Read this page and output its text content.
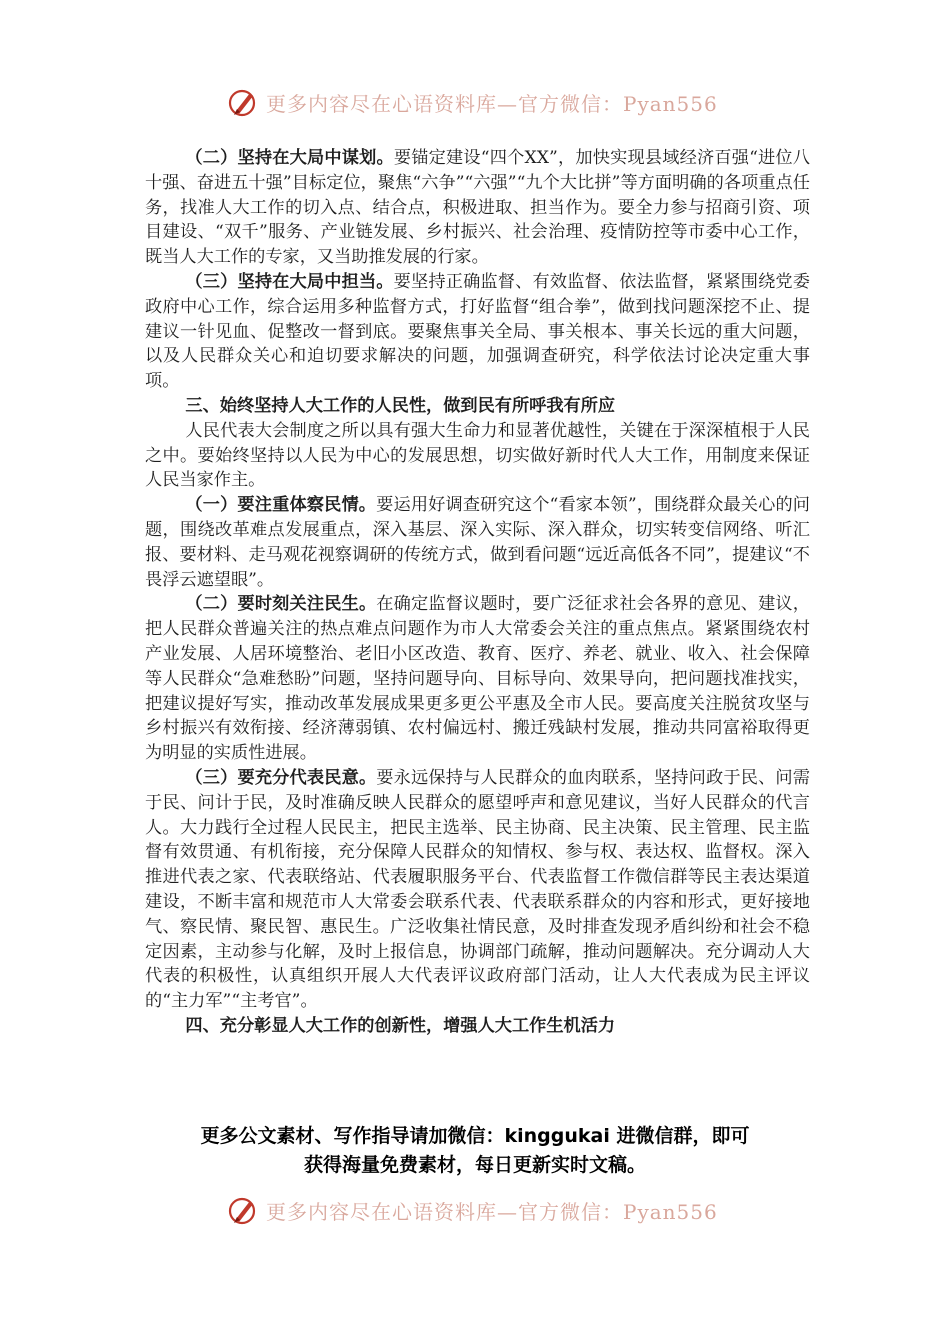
更多内容尽在心语资料库—官方微信：Pyan556

（二）坚持在大局中谋划。要锚定建设“四个XX”，加快实现县域经济百强“进位八十强、奋进五十强”目标定位，聚焦“六争”“六强”“九个大比拼”等方面明确的各项重点任务，找准人大工作的切入点、结合点，积极进取、担当作为。要全力参与招商引资、项目建设、“双千”服务、产业链发展、乡村振兴、社会治理、疫情防控等市委中心工作，既当人大工作的专家，又当助推发展的行家。

（三）坚持在大局中担当。要坚持正确监督、有效监督、依法监督，紧紧围绕党委政府中心工作，综合运用多种监督方式，打好监督“组合拳”，做到找问题深挖不止、提建议一针见血、促整改一督到底。要聚焦事关全局、事关根本、事关长远的重大问题，以及人民群众关心和迫切要求解决的问题，加强调查研究，科学依法讨论决定重大事项。

三、始终坚持人大工作的人民性，做到民有所呼我有所应

人民代表大会制度之所以具有强大生命力和显著优越性，关键在于深深植根于人民之中。要始终坚持以人民为中心的发展思想，切实做好新时代人大工作，用制度来保证人民当家作主。

（一）要注重体察民情。要运用好调查研究这个“看家本领”，围绕群众最关心的问题，围绕改革难点发展重点，深入基层、深入实际、深入群众，切实转变信网络、听汇报、要材料、走马观花视察调研的传统方式，做到看问题“远近高低各不同”，提建议“不畏浮云遮望眼”。

（二）要时刻关注民生。在确定监督议题时，要广泛征求社会各界的意见、建议，把人民群众普遍关注的热点难点问题作为市人大常委会关注的重点焦点。紧紧围绕农村产业发展、人居环境整治、老旧小区改造、教育、医疗、养老、就业、收入、社会保障等人民群众“急难愁盼”问题，坚持问题导向、目标导向、效果导向，把问题找准找实，把建议提好写实，推动改革发展成果更多更公平惠及全市人民。要高度关注脱贫攻坚与乡村振兴有效衔接、经济薄弱镇、农村偏远村、搬迁残缺村发展，推动共同富裕取得更为明显的实质性进展。

（三）要充分代表民意。要永远保持与人民群众的血肉联系，坚持问政于民、问需于民、问计于民，及时准确反映人民群众的愿望呼声和意见建议，当好人民群众的代言人。大力践行全过程人民民主，把民主选举、民主协商、民主决策、民主管理、民主监督有效贯通、有机衔接，充分保障人民群众的知情权、参与权、表达权、监督权。深入推进代表之家、代表联络站、代表履职服务平台、代表监督工作微信群等民主表达渠道建设，不断丰富和规范市人大常委会联系代表、代表联系群众的内容和形式，更好接地气、察民情、聚民智、惠民生。广泛收集社情民意，及时排查发现矛盾纠纷和社会不稳定因素，主动参与化解，及时上报信息，协调部门疏解，推动问题解决。充分调动人大代表的积极性，认真组织开展人大代表评议政府部门活动，让人大代表成为民主评议的“主力军”“主考官”。

四、充分彰显人大工作的创新性，增强人大工作生机活力

更多公文素材、写作指导请加微信：kinggukai 进微信群，即可
获得海量免费素材，每日更新实时文稿。
更多内容尽在心语资料库—官方微信：Pyan556
